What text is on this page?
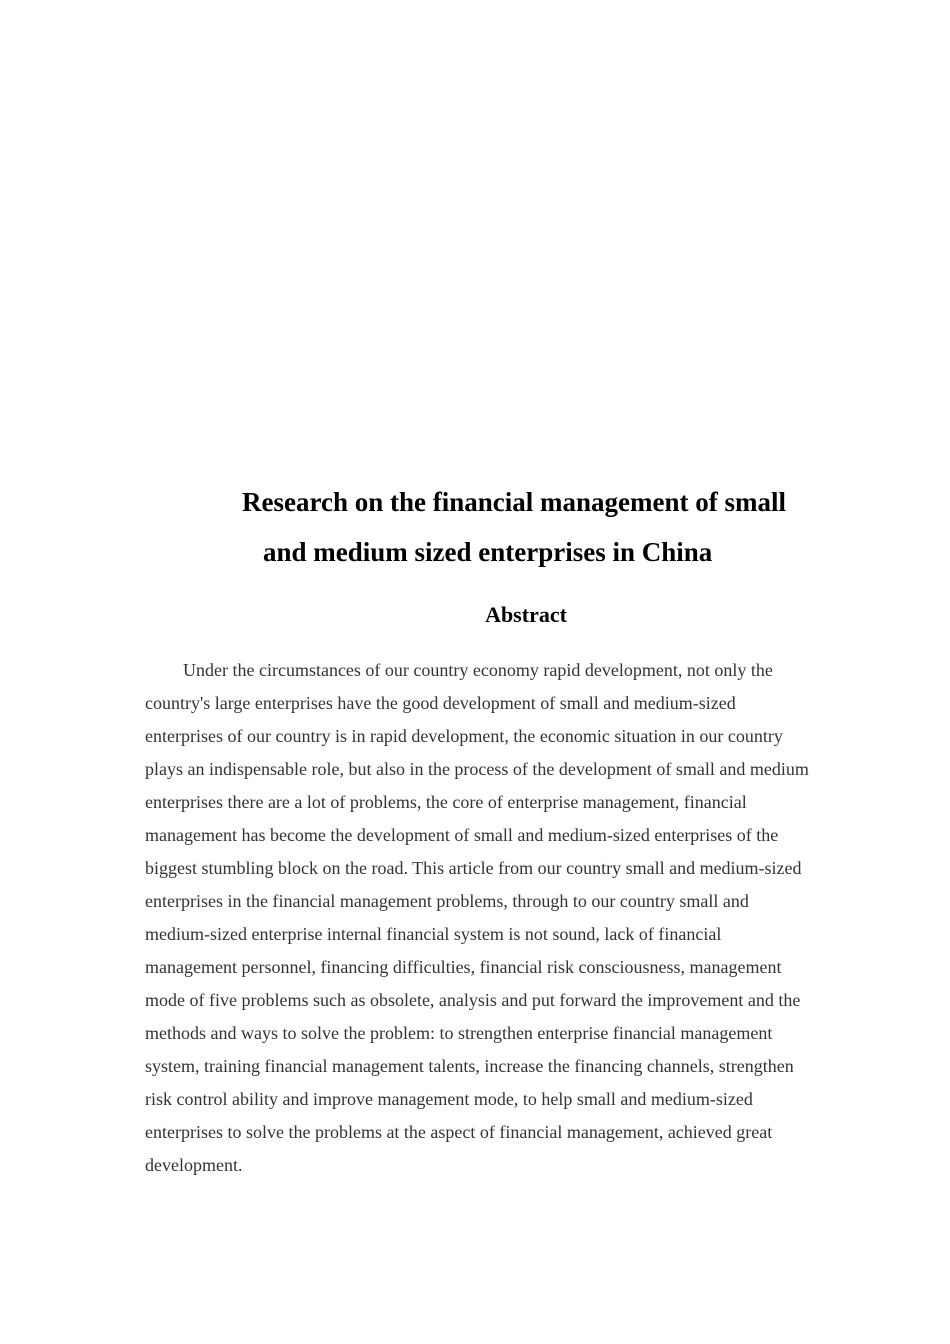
Research on the financial management of small
and medium sized enterprises in China
Abstract

Under the circumstances of our country economy rapid development, not only the
country's large enterprises have the good development of small and medium-sized
enterprises of our country is in rapid development, the economic situation in our country
plays an indispensable role, but also in the process of the development of small and medium
enterprises there are a lot of problems, the core of enterprise management, financial
management has become the development of small and medium-sized enterprises of the
biggest stumbling block on the road. This article from our country small and medium-sized
enterprises in the financial management problems, through to our country small and
medium-sized enterprise internal financial system is not sound, lack of financial
management personnel, financing difficulties, financial risk consciousness, management
mode of five problems such as obsolete, analysis and put forward the improvement and the
methods and ways to solve the problem: to strengthen enterprise financial management
system, training financial management talents, increase the financing channels, strengthen
risk control ability and improve management mode, to help small and medium-sized
enterprises to solve the problems at the aspect of financial management, achieved great
development.
